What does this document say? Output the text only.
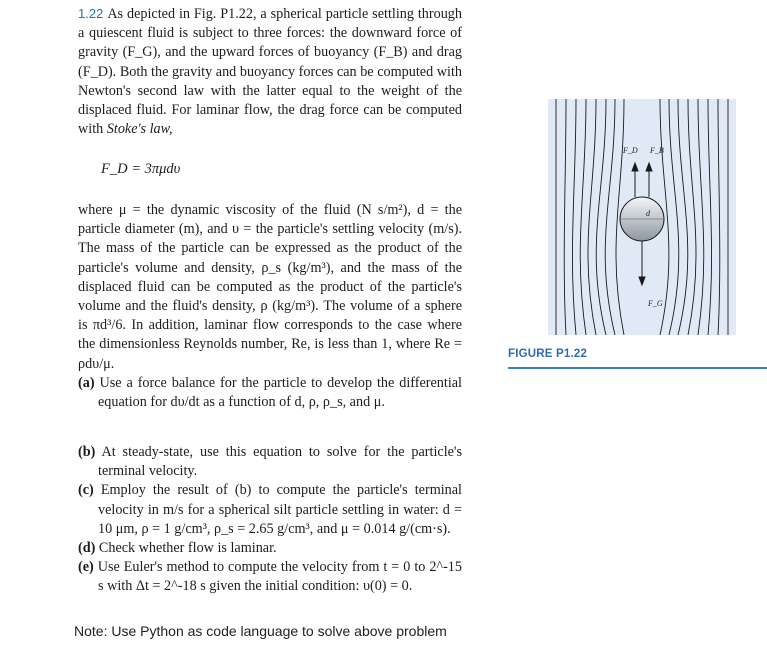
1.22 As depicted in Fig. P1.22, a spherical particle settling through a quiescent fluid is subject to three forces: the downward force of gravity (F_G), and the upward forces of buoyancy (F_B) and drag (F_D). Both the gravity and buoyancy forces can be computed with Newton's second law with the latter equal to the weight of the displaced fluid. For laminar flow, the drag force can be computed with Stoke's law,
F_D = 3πμdυ
where μ = the dynamic viscosity of the fluid (N s/m²), d = the particle diameter (m), and υ = the particle's settling velocity (m/s). The mass of the particle can be expressed as the product of the particle's volume and density, ρ_s (kg/m³), and the mass of the displaced fluid can be computed as the product of the particle's volume and the fluid's density, ρ (kg/m³). The volume of a sphere is πd³/6. In addition, laminar flow corresponds to the case where the dimensionless Reynolds number, Re, is less than 1, where Re = ρdυ/μ.
(a) Use a force balance for the particle to develop the differential equation for dυ/dt as a function of d, ρ, ρ_s, and μ.
(b) At steady-state, use this equation to solve for the particle's terminal velocity.
(c) Employ the result of (b) to compute the particle's terminal velocity in m/s for a spherical silt particle settling in water: d = 10 μm, ρ = 1 g/cm³, ρ_s = 2.65 g/cm³, and μ = 0.014 g/(cm·s).
(d) Check whether flow is laminar.
(e) Use Euler's method to compute the velocity from t = 0 to 2^-15 s with Δt = 2^-18 s given the initial condition: υ(0) = 0.
Note: Use Python as code language to solve above problem
F_D F_B
F_G
d
FIGURE P1.22
